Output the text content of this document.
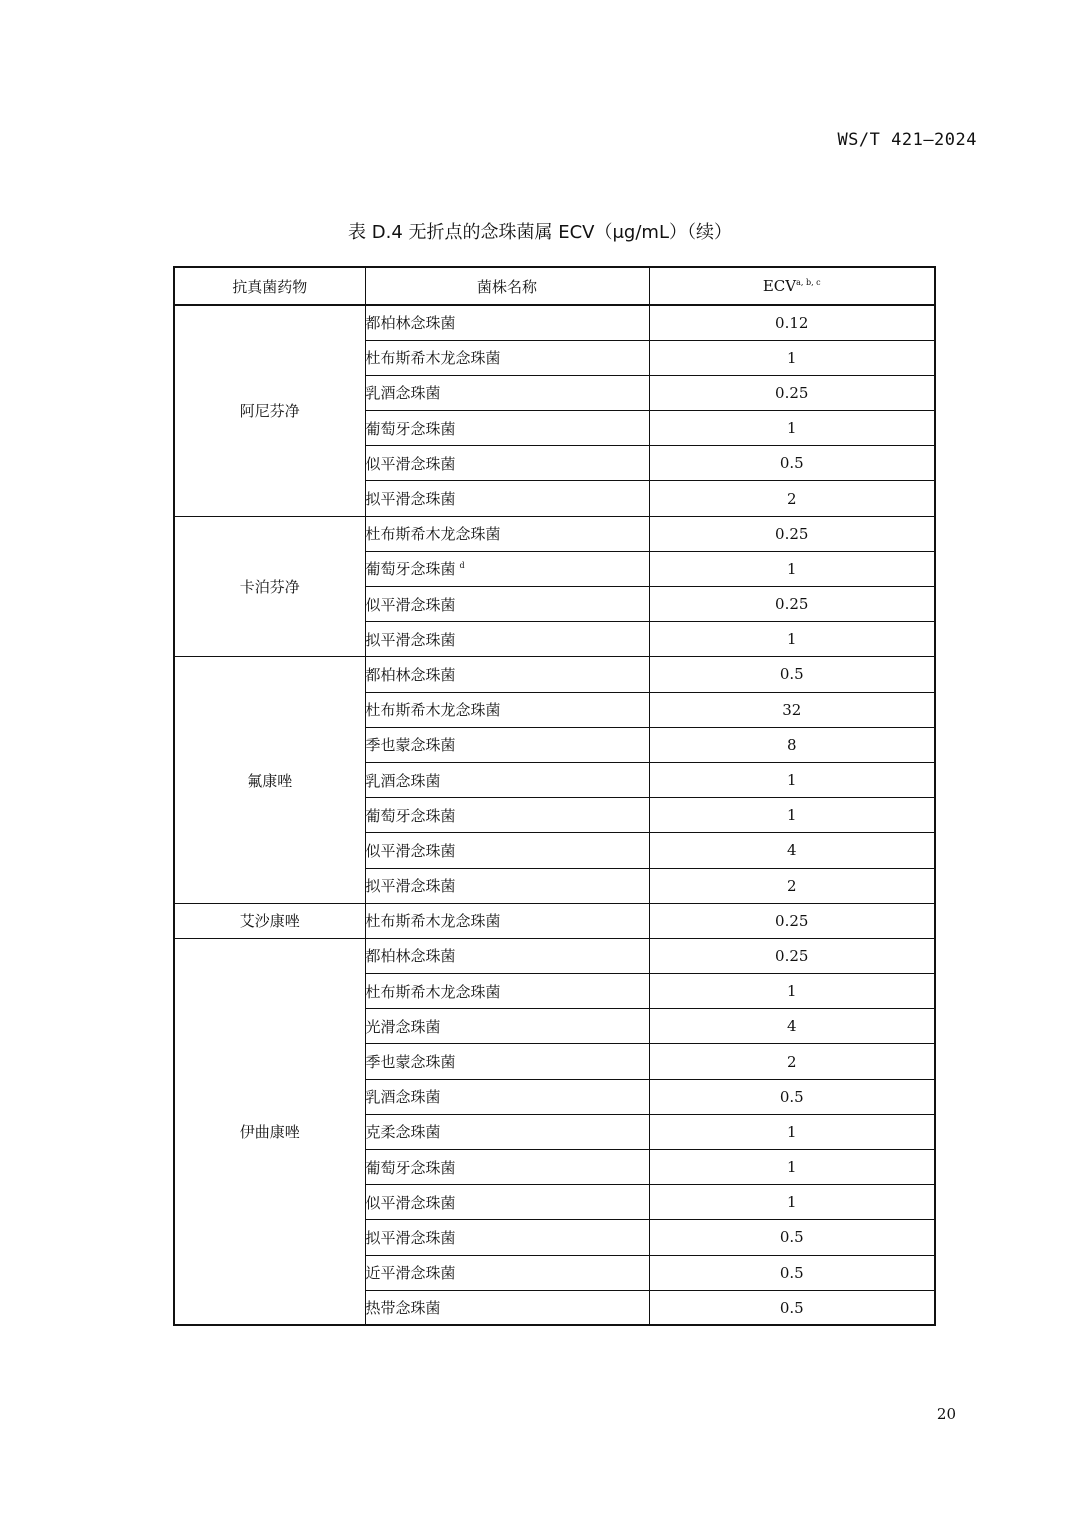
WS/T 421—2024
表 D.4 无折点的念珠菌属 ECV（μg/mL）（续）
抗真菌药物	菌株名称	ECV$^{a, b, c}$
阿尼芬净	都柏林念珠菌	0.12
	杜布斯希木龙念珠菌	1
	乳酒念珠菌	0.25
	葡萄牙念珠菌	1
	似平滑念珠菌	0.5
	拟平滑念珠菌	2
卡泊芬净	杜布斯希木龙念珠菌	0.25
	葡萄牙念珠菌 $^d$	1
	似平滑念珠菌	0.25
	拟平滑念珠菌	1
氟康唑	都柏林念珠菌	0.5
	杜布斯希木龙念珠菌	32
	季也蒙念珠菌	8
	乳酒念珠菌	1
	葡萄牙念珠菌	1
	似平滑念珠菌	4
	拟平滑念珠菌	2
艾沙康唑	杜布斯希木龙念珠菌	0.25
伊曲康唑	都柏林念珠菌	0.25
	杜布斯希木龙念珠菌	1
	光滑念珠菌	4
	季也蒙念珠菌	2
	乳酒念珠菌	0.5
	克柔念珠菌	1
	葡萄牙念珠菌	1
	似平滑念珠菌	1
	拟平滑念珠菌	0.5
	近平滑念珠菌	0.5
	热带念珠菌	0.5
20
